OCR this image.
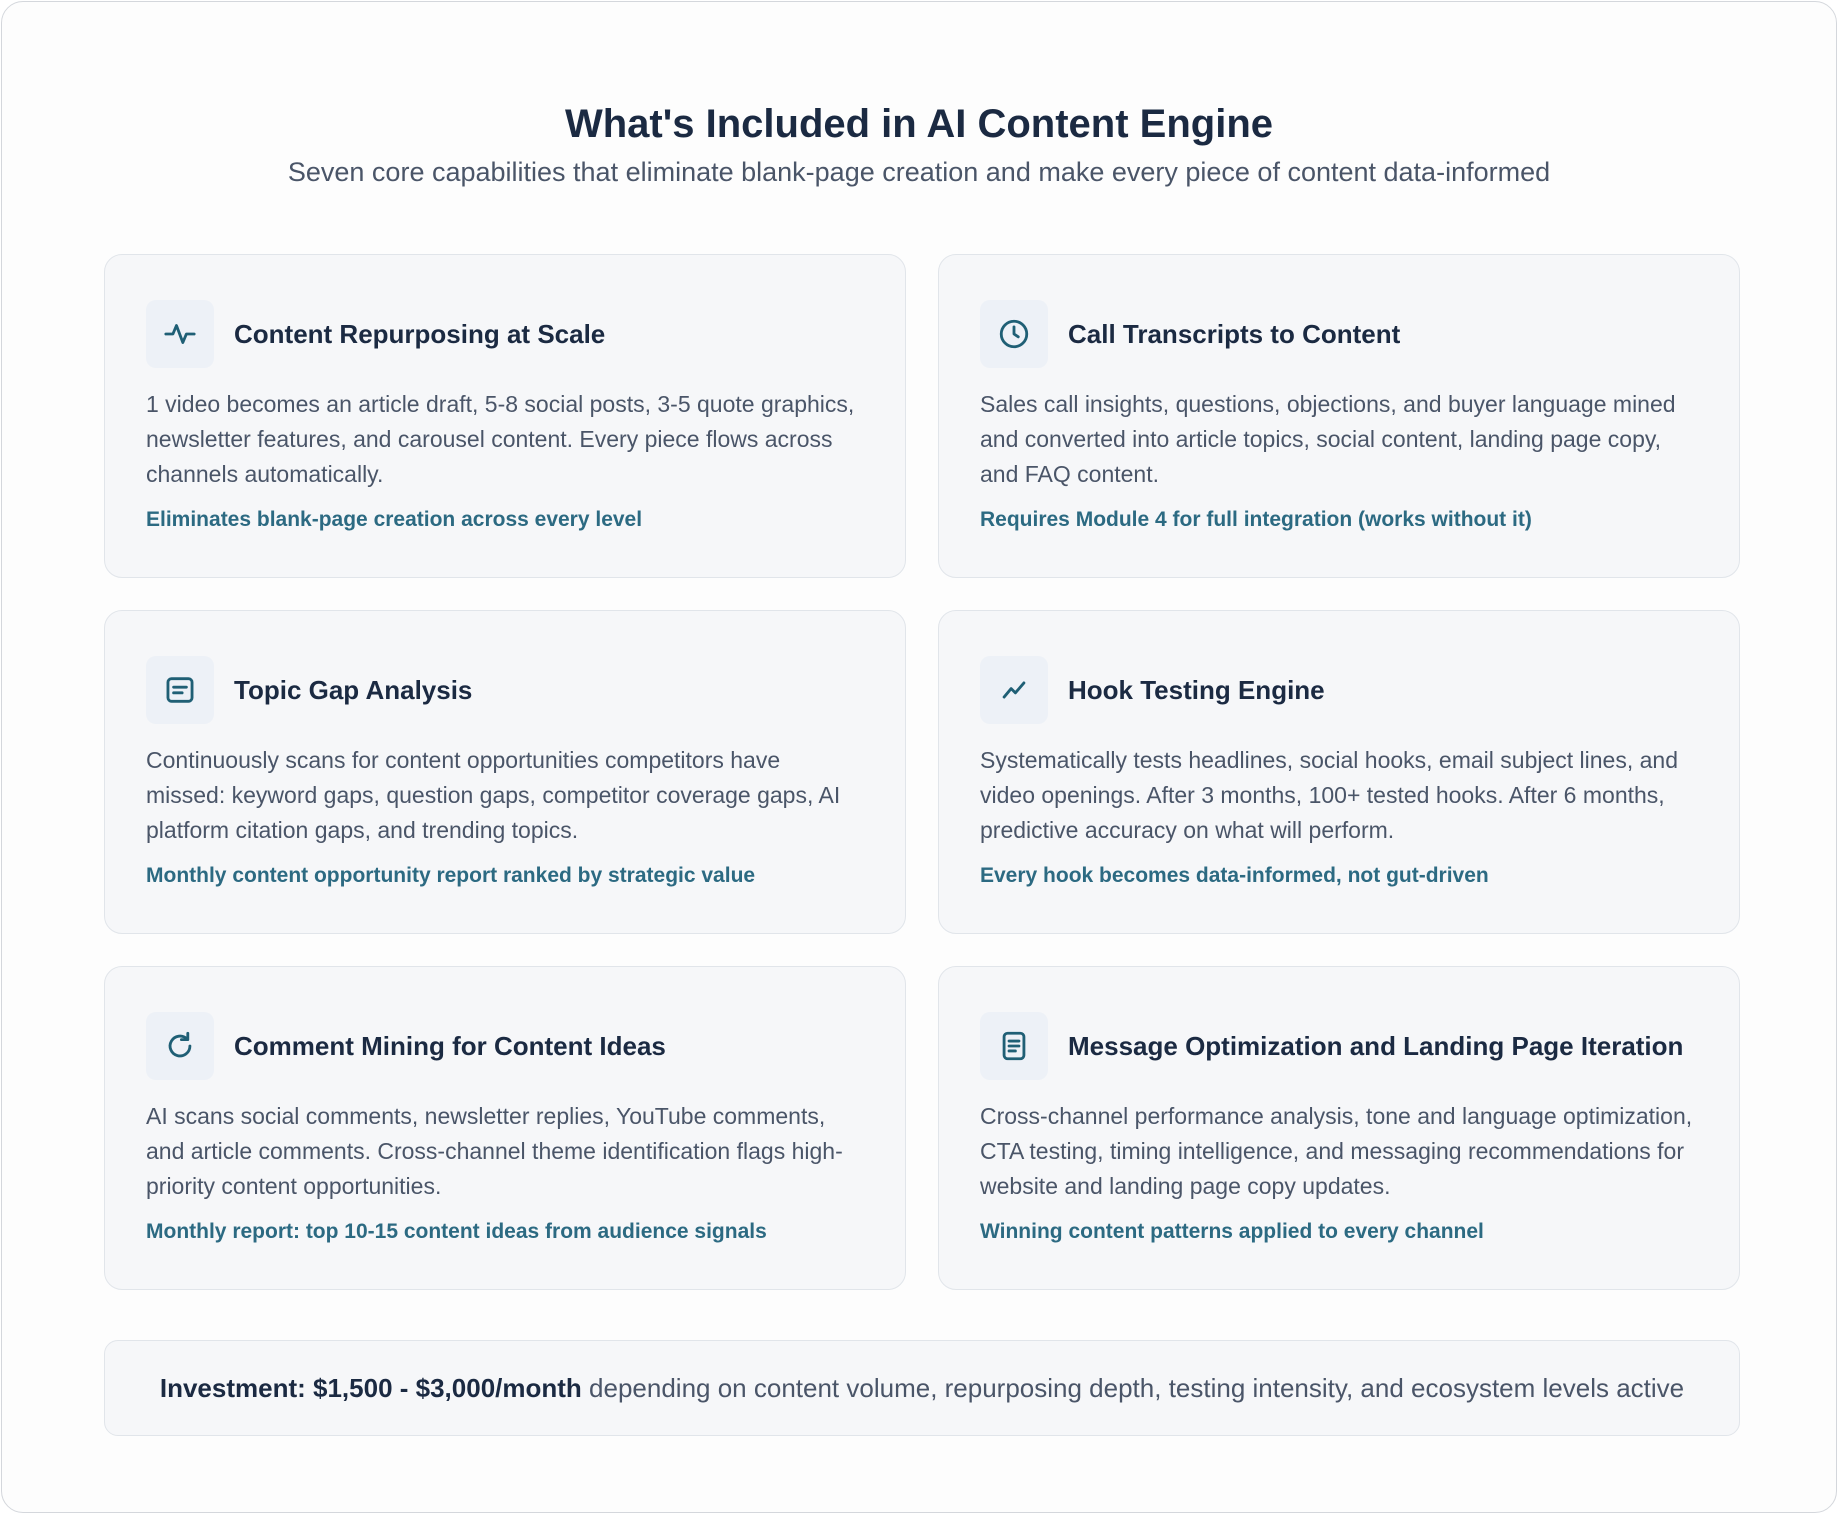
What's Included in AI Content Engine

Seven core capabilities that eliminate blank-page creation and make every piece of content data-informed

Content Repurposing at Scale
1 video becomes an article draft, 5-8 social posts, 3-5 quote graphics, newsletter features, and carousel content. Every piece flows across channels automatically.
Eliminates blank-page creation across every level
Call Transcripts to Content
Sales call insights, questions, objections, and buyer language mined and converted into article topics, social content, landing page copy, and FAQ content.
Requires Module 4 for full integration (works without it)
Topic Gap Analysis
Continuously scans for content opportunities competitors have missed: keyword gaps, question gaps, competitor coverage gaps, AI platform citation gaps, and trending topics.
Monthly content opportunity report ranked by strategic value
Hook Testing Engine
Systematically tests headlines, social hooks, email subject lines, and video openings. After 3 months, 100+ tested hooks. After 6 months, predictive accuracy on what will perform.
Every hook becomes data-informed, not gut-driven
Comment Mining for Content Ideas
AI scans social comments, newsletter replies, YouTube comments, and article comments. Cross-channel theme identification flags high-priority content opportunities.
Monthly report: top 10-15 content ideas from audience signals
Message Optimization and Landing Page Iteration
Cross-channel performance analysis, tone and language optimization, CTA testing, timing intelligence, and messaging recommendations for website and landing page copy updates.
Winning content patterns applied to every channel
Investment: $1,500 - $3,000/month
depending on content volume, repurposing depth, testing intensity, and ecosystem levels active
